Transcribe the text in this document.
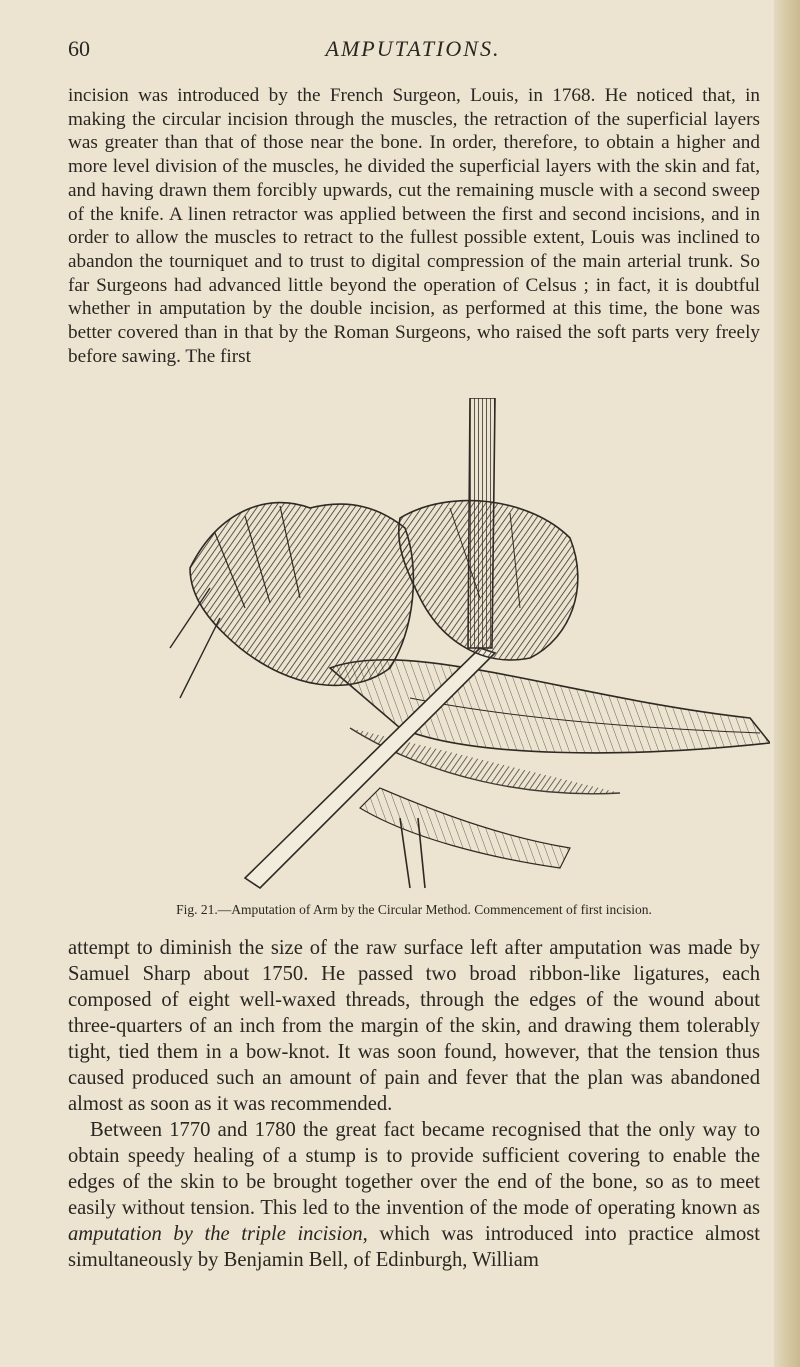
60	AMPUTATIONS.

incision was introduced by the French Surgeon, Louis, in 1768. He noticed that, in making the circular incision through the muscles, the retraction of the superficial layers was greater than that of those near the bone. In order, therefore, to obtain a higher and more level division of the muscles, he divided the superficial layers with the skin and fat, and having drawn them forcibly upwards, cut the remaining muscle with a second sweep of the knife. A linen retractor was applied between the first and second incisions, and in order to allow the muscles to retract to the fullest possible extent, Louis was inclined to abandon the tourniquet and to trust to digital compression of the main arterial trunk. So far Surgeons had advanced little beyond the operation of Celsus ; in fact, it is doubtful whether in amputation by the double incision, as performed at this time, the bone was better covered than in that by the Roman Surgeons, who raised the soft parts very freely before sawing. The first

Fig. 21.—Amputation of Arm by the Circular Method. Commencement of first incision.
attempt to diminish the size of the raw surface left after amputation was made by Samuel Sharp about 1750. He passed two broad ribbon-like ligatures, each composed of eight well-waxed threads, through the edges of the wound about three-quarters of an inch from the margin of the skin, and drawing them tolerably tight, tied them in a bow-knot. It was soon found, however, that the tension thus caused produced such an amount of pain and fever that the plan was abandoned almost as soon as it was recommended.
Between 1770 and 1780 the great fact became recognised that the only way to obtain speedy healing of a stump is to provide sufficient covering to enable the edges of the skin to be brought together over the end of the bone, so as to meet easily without tension. This led to the invention of the mode of operating known as amputation by the triple incision, which was introduced into practice almost simultaneously by Benjamin Bell, of Edinburgh, William
